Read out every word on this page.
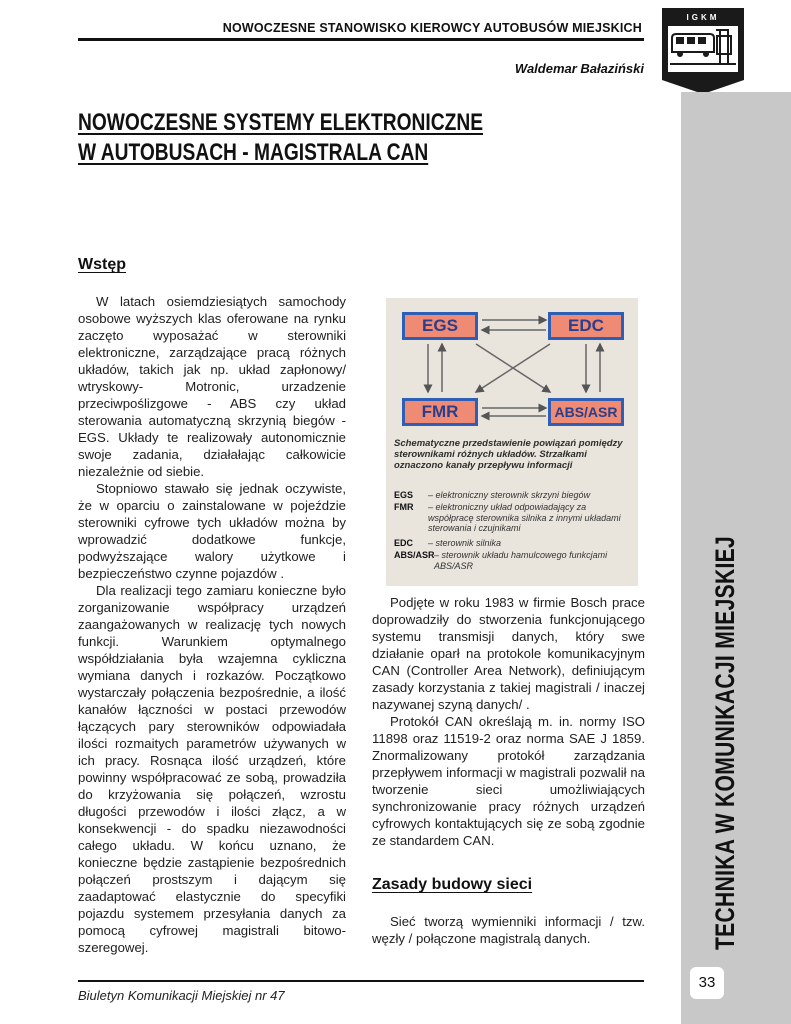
NOWOCZESNE STANOWISKO KIEROWCY AUTOBUSÓW MIEJSKICH
Waldemar Bałaziński
IGKM
TECHNIKA W KOMUNIKACJI MIEJSKIEJ
33
NOWOCZESNE SYSTEMY ELEKTRONICZNE
W AUTOBUSACH - MAGISTRALA CAN
Wstęp

W latach osiemdziesiątych samochody osobowe wyższych klas oferowane na rynku zaczęto wyposażać w sterowniki elektroniczne, zarządzające pracą różnych układów, takich jak np. układ zapłonowy/ wtryskowy- Motronic, urzadzenie przeciwpoślizgowe - ABS czy układ sterowania automatyczną skrzynią biegów - EGS. Układy te realizowały autonomicznie swoje zadania, działałając całkowicie niezależnie od siebie.

Stopniowo stawało się jednak oczywiste, że w oparciu o zainstalowane w pojeździe sterowniki cyfrowe tych układów można by wprowadzić dodatkowe funkcje, podwyższające walory użytkowe i bezpieczeństwo czynne pojazdów .

Dla realizacji tego zamiaru konieczne było zorganizowanie współpracy urządzeń zaangażowanych w realizację tych nowych funkcji. Warunkiem optymalnego współdziałania była wzajemna cykliczna wymiana danych i rozkazów. Początkowo wystarczały połączenia bezpośrednie, a ilość kanałów łączności w postaci przewodów łączących pary sterowników odpowiadała ilości rozmaitych parametrów używanych w ich pracy. Rosnąca ilość urządzeń, które powinny współpracować ze sobą, prowadziła do krzyżowania się połączeń, wzrostu długości przewodów i ilości złącz, a w konsekwencji - do spadku niezawodności całego układu. W końcu uznano, że konieczne będzie zastąpienie bezpośrednich połączeń prostszym i dającym się zaadaptować elastycznie do specyfiki pojazdu systemem przesyłania danych za pomocą cyfrowej magistrali bitowo-szeregowej.

EGS	EDC
FMR	ABS/ASR
Schematyczne przedstawienie powiązań pomiędzy sterownikami różnych układów. Strzałkami oznaczono kanały przepływu informacji
EGS – elektroniczny sterownik skrzyni biegów
FMR	– elektroniczny układ odpowiadający za współpracę sterownika silnika z innymi układami sterowania i czujnikami
EDC – sterownik silnika
ABS/ASR – sterownik układu hamulcowego funkcjami ABS/ASR

Podjęte w roku 1983 w firmie Bosch prace doprowadziły do stworzenia funkcjonującego systemu transmisji danych, który swe działanie oparł na protokole komunikacyjnym CAN (Controller Area Network), definiującym zasady korzystania z takiej magistrali / inaczej nazywanej szyną danych/ .

Protokół CAN określają m. in. normy ISO 11898 oraz 11519-2 oraz norma SAE J 1859. Znormalizowany protokół zarządzania przepływem informacji w magistrali pozwalił na tworzenie sieci umożliwiających synchronizowanie pracy różnych urządzeń cyfrowych kontaktujących się ze sobą zgodnie ze standardem CAN.

Zasady budowy sieci

Sieć tworzą wymienniki informacji / tzw. węzły / połączone magistralą danych.

Biuletyn Komunikacji Miejskiej nr 47
